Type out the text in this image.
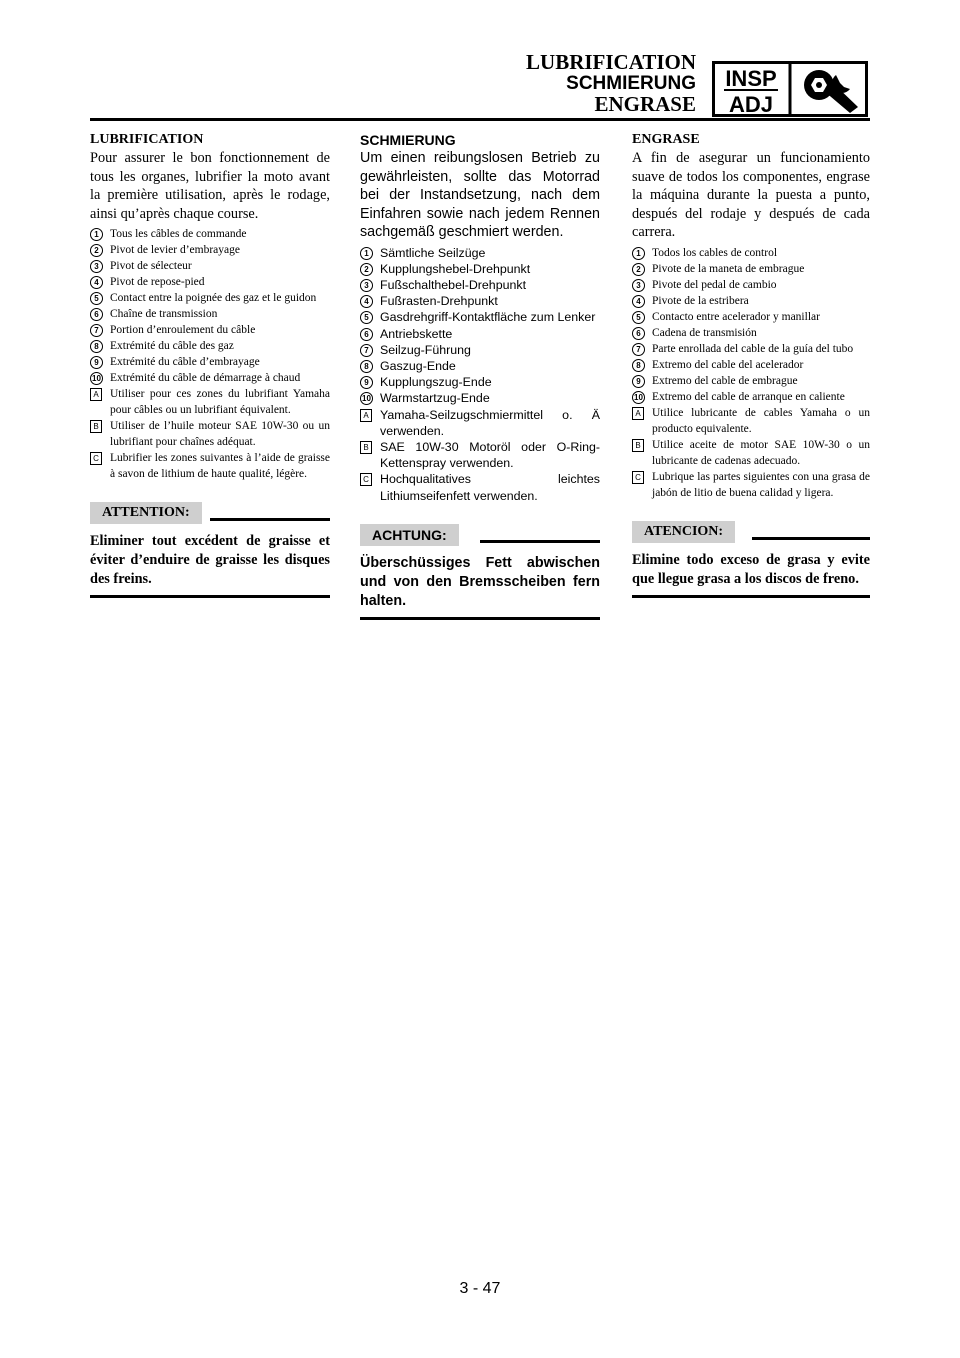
LUBRIFICATION
SCHMIERUNG
ENGRASE
INSP
ADJ
LUBRIFICATION

Pour assurer le bon fonctionnement de tous les organes, lubrifier la moto avant la première utilisation, après le rodage, ainsi qu’après chaque course.

1 Tous les câbles de commande
2 Pivot de levier d’embrayage
3 Pivot de sélecteur
4 Pivot de repose-pied
5 Contact entre la poignée des gaz et le guidon
6 Chaîne de transmission
7 Portion d’enroulement du câble
8 Extrémité du câble des gaz
9 Extrémité du câble d’embrayage
10 Extrémité du câble de démarrage à chaud
A Utiliser pour ces zones du lubrifiant Yamaha pour câbles ou un lubrifiant équivalent.
B Utiliser de l’huile moteur SAE 10W-30 ou un lubrifiant pour chaînes adéquat.
C Lubrifier les zones suivantes à l’aide de graisse à savon de lithium de haute qualité, légère.
ATTENTION:
Eliminer tout excédent de graisse et éviter d’enduire de graisse les disques des freins.
SCHMIERUNG

Um einen reibungslosen Betrieb zu gewährleisten, sollte das Motorrad bei der Instandsetzung, nach dem Einfahren sowie nach jedem Rennen sachgemäß geschmiert werden.

1 Sämtliche Seilzüge
2 Kupplungshebel-Drehpunkt
3 Fußschalthebel-Drehpunkt
4 Fußrasten-Drehpunkt
5 Gasdrehgriff-Kontaktfläche zum Lenker
6 Antriebskette
7 Seilzug-Führung
8 Gaszug-Ende
9 Kupplungszug-Ende
10 Warmstartzug-Ende
A Yamaha-Seilzugschmiermittel o. Ä verwenden.
B SAE 10W-30 Motoröl oder O-Ring-Kettenspray verwenden.
C Hochqualitatives leichtes Lithiumseifenfett verwenden.
ACHTUNG:
Überschüssiges Fett abwischen und von den Bremsscheiben fern halten.
ENGRASE

A fin de asegurar un funcionamiento suave de todos los componentes, engrase la máquina durante la puesta a punto, después del rodaje y después de cada carrera.

1 Todos los cables de control
2 Pivote de la maneta de embrague
3 Pivote del pedal de cambio
4 Pivote de la estribera
5 Contacto entre acelerador y manillar
6 Cadena de transmisión
7 Parte enrollada del cable de la guía del tubo
8 Extremo del cable del acelerador
9 Extremo del cable de embrague
10 Extremo del cable de arranque en caliente
A Utilice lubricante de cables Yamaha o un producto equivalente.
B Utilice aceite de motor SAE 10W-30 o un lubricante de cadenas adecuado.
C Lubrique las partes siguientes con una grasa de jabón de litio de buena calidad y ligera.
ATENCION:
Elimine todo exceso de grasa y evite que llegue grasa a los discos de freno.
3 - 47
